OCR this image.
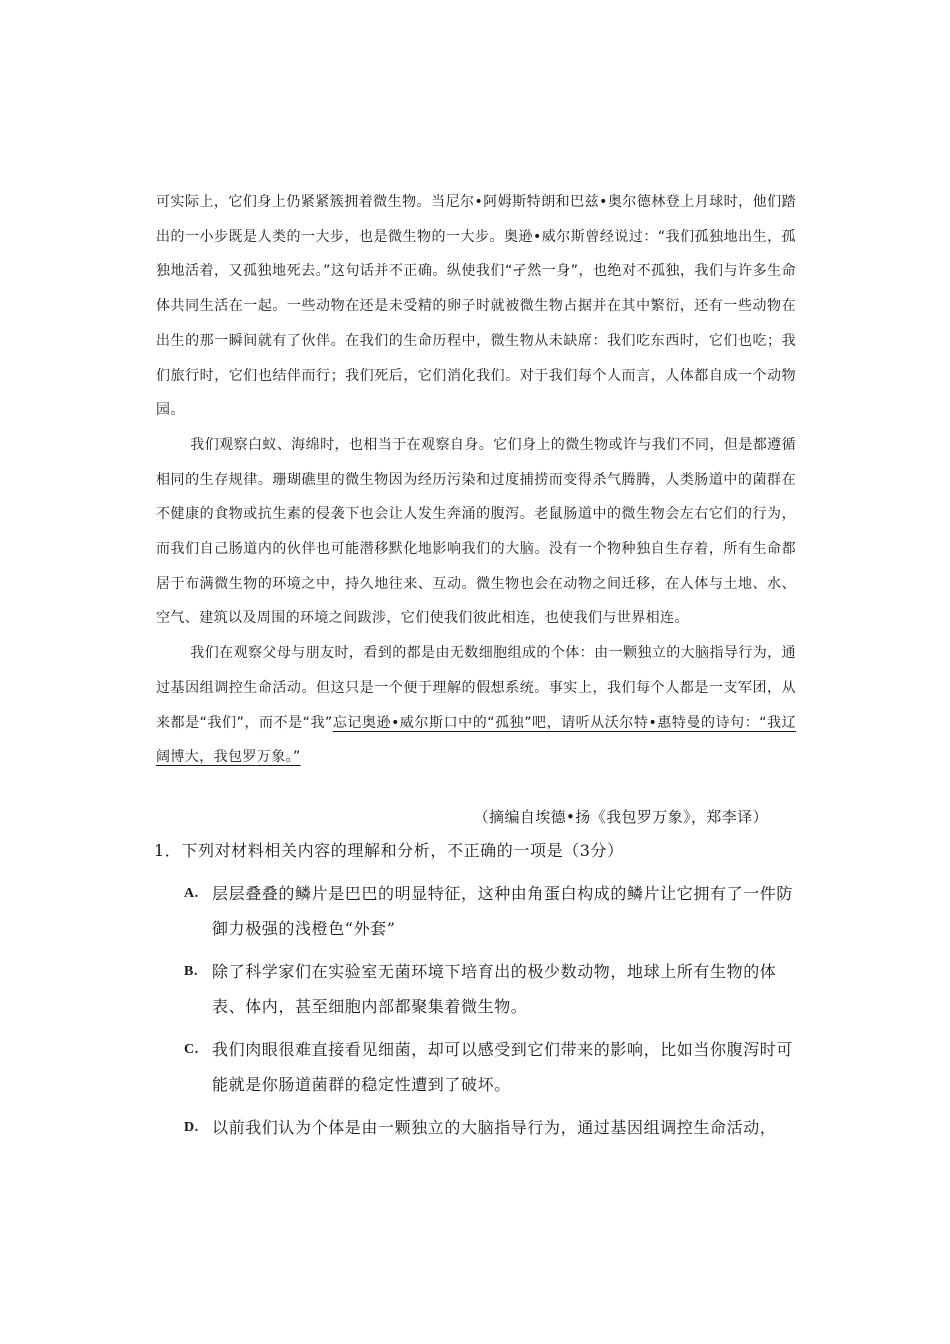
可实际上，它们身上仍紧紧簇拥着微生物。当尼尔•阿姆斯特朗和巴兹•奥尔德林登上月球时，他们踏出的一小步既是人类的一大步，也是微生物的一大步。奥逊•威尔斯曾经说过：“我们孤独地出生，孤独地活着，又孤独地死去。”这句话并不正确。纵使我们“孑然一身”，也绝对不孤独，我们与许多生命体共同生活在一起。一些动物在还是未受精的卵子时就被微生物占据并在其中繁衍，还有一些动物在出生的那一瞬间就有了伙伴。在我们的生命历程中，微生物从未缺席：我们吃东西时，它们也吃；我们旅行时，它们也结伴而行；我们死后，它们消化我们。对于我们每个人而言，人体都自成一个动物园。

我们观察白蚁、海绵时，也相当于在观察自身。它们身上的微生物或许与我们不同，但是都遵循相同的生存规律。珊瑚礁里的微生物因为经历污染和过度捕捞而变得杀气腾腾，人类肠道中的菌群在不健康的食物或抗生素的侵袭下也会让人发生奔涌的腹泻。老鼠肠道中的微生物会左右它们的行为，而我们自己肠道内的伙伴也可能潜移默化地影响我们的大脑。没有一个物种独自生存着，所有生命都居于布满微生物的环境之中，持久地往来、互动。微生物也会在动物之间迁移，在人体与土地、水、空气、建筑以及周围的环境之间跋涉，它们使我们彼此相连，也使我们与世界相连。

我们在观察父母与朋友时，看到的都是由无数细胞组成的个体：由一颗独立的大脑指导行为，通过基因组调控生命活动。但这只是一个便于理解的假想系统。事实上，我们每个人都是一支军团，从来都是“我们”，而不是“我”忘记奥逊•威尔斯口中的“孤独”吧，请听从沃尔特•惠特曼的诗句：“我辽阔博大，我包罗万象。”

（摘编自埃德•扬《我包罗万象》，郑李译）

1．下列对材料相关内容的理解和分析，不正确的一项是（3分）

A. 层层叠叠的鳞片是巴巴的明显特征，这种由角蛋白构成的鳞片让它拥有了一件防御力极强的浅橙色“外套”
B. 除了科学家们在实验室无菌环境下培育出的极少数动物，地球上所有生物的体表、体内，甚至细胞内部都聚集着微生物。
C. 我们肉眼很难直接看见细菌，却可以感受到它们带来的影响，比如当你腹泻时可能就是你肠道菌群的稳定性遭到了破坏。
D. 以前我们认为个体是由一颗独立的大脑指导行为，通过基因组调控生命活动，
